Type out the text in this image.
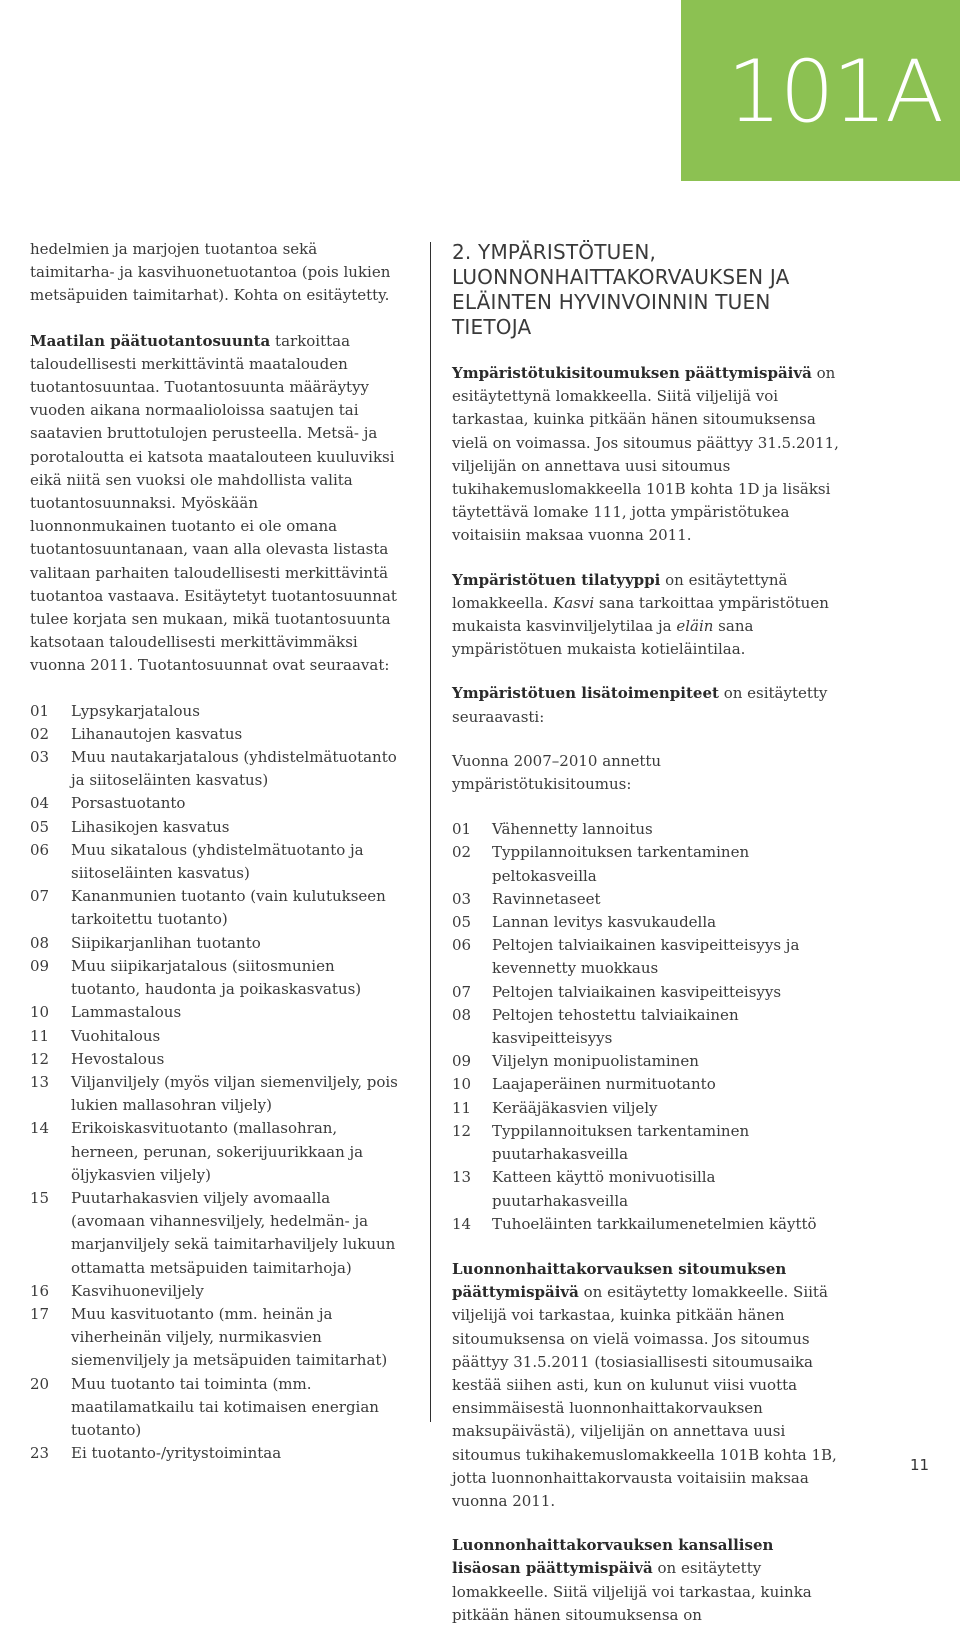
101A

hedelmien ja marjojen tuotantoa sekä taimitarha- ja kasvihuonetuotantoa (pois lukien metsäpuiden taimitarhat). Kohta on esitäytetty.

Maatilan päätuotantosuunta tarkoittaa taloudellisesti merkittävintä maatalouden tuotantosuuntaa. Tuotantosuunta määräytyy vuoden aikana normaalioloissa saatujen tai saatavien bruttotulojen perusteella. Metsä- ja porotaloutta ei katsota maatalouteen kuuluviksi eikä niitä sen vuoksi ole mahdollista valita tuotantosuunnaksi. Myöskään luonnonmukainen tuotanto ei ole omana tuotantosuuntanaan, vaan alla olevasta listasta valitaan parhaiten taloudellisesti merkittävintä tuotantoa vastaava. Esitäytetyt tuotantosuunnat tulee korjata sen mukaan, mikä tuotantosuunta katsotaan taloudellisesti merkittävimmäksi vuonna 2011. Tuotantosuunnat ovat seuraavat:

01	Lypsykarjatalous
02	Lihanautojen kasvatus
03	Muu nautakarjatalous (yhdistelmätuotanto ja siitoseläinten kasvatus)
04	Porsastuotanto
05	Lihasikojen kasvatus
06	Muu sikatalous (yhdistelmätuotanto ja siitoseläinten kasvatus)
07	Kananmunien tuotanto (vain kulutukseen tarkoitettu tuotanto)
08	Siipikarjanlihan tuotanto
09	Muu siipikarjatalous (siitosmunien tuotanto, haudonta ja poikaskasvatus)
10	Lammastalous
11	Vuohitalous
12	Hevostalous
13	Viljanviljely (myös viljan siemenviljely, pois lukien mallasohran viljely)
14	Erikoiskasvituotanto (mallasohran, herneen, perunan, sokerijuurikkaan ja öljykasvien viljely)
15	Puutarhakasvien viljely avomaalla (avomaan vihannesviljely, hedelmän- ja marjanviljely sekä taimitarhaviljely lukuun ottamatta metsäpuiden taimitarhoja)
16	Kasvihuoneviljely
17	Muu kasvituotanto (mm. heinän ja viherheinän viljely, nurmikasvien siemenviljely ja metsäpuiden taimitarhat)
20	Muu tuotanto tai toiminta (mm. maatilamatkailu tai kotimaisen energian tuotanto)
23	Ei tuotanto-/yritystoimintaa
2. YMPÄRISTÖTUEN, LUONNONHAITTAKORVAUKSEN JA ELÄINTEN HYVINVOINNIN TUEN TIETOJA

Ympäristötukisitoumuksen päättymispäivä on esitäytettynä lomakkeella. Siitä viljelijä voi tarkastaa, kuinka pitkään hänen sitoumuksensa vielä on voimassa. Jos sitoumus päättyy 31.5.2011, viljelijän on annettava uusi sitoumus tukihakemuslomakkeella 101B kohta 1D ja lisäksi täytettävä lomake 111, jotta ympäristötukea voitaisiin maksaa vuonna 2011.

Ympäristötuen tilatyyppi on esitäytettynä lomakkeella. Kasvi sana tarkoittaa ympäristötuen mukaista kasvinviljelytilaa ja eläin sana ympäristötuen mukaista kotieläintilaa.

Ympäristötuen lisätoimenpiteet on esitäytetty seuraavasti:

Vuonna 2007–2010 annettu ympäristötukisitoumus:

01	Vähennetty lannoitus
02	Typpilannoituksen tarkentaminen peltokasveilla
03	Ravinnetaseet
05	Lannan levitys kasvukaudella
06	Peltojen talviaikainen kasvipeitteisyys ja kevennetty muokkaus
07	Peltojen talviaikainen kasvipeitteisyys
08	Peltojen tehostettu talviaikainen kasvipeitteisyys
09	Viljelyn monipuolistaminen
10	Laajaperäinen nurmituotanto
11	Kerääjäkasvien viljely
12	Typpilannoituksen tarkentaminen puutarhakasveilla
13	Katteen käyttö monivuotisilla puutarhakasveilla
14	Tuhoeläinten tarkkailumenetelmien käyttö

Luonnonhaittakorvauksen sitoumuksen päättymispäivä on esitäytetty lomakkeelle. Siitä viljelijä voi tarkastaa, kuinka pitkään hänen sitoumuksensa on vielä voimassa. Jos sitoumus päättyy 31.5.2011 (tosiasiallisesti sitoumusaika kestää siihen asti, kun on kulunut viisi vuotta ensimmäisestä luonnonhaittakorvauksen maksupäivästä), viljelijän on annettava uusi sitoumus tukihakemuslomakkeella 101B kohta 1B, jotta luonnonhaittakorvausta voitaisiin maksaa vuonna 2011.

Luonnonhaittakorvauksen kansallisen lisäosan päättymispäivä on esitäytetty lomakkeelle. Siitä viljelijä voi tarkastaa, kuinka pitkään hänen sitoumuksensa on

11
